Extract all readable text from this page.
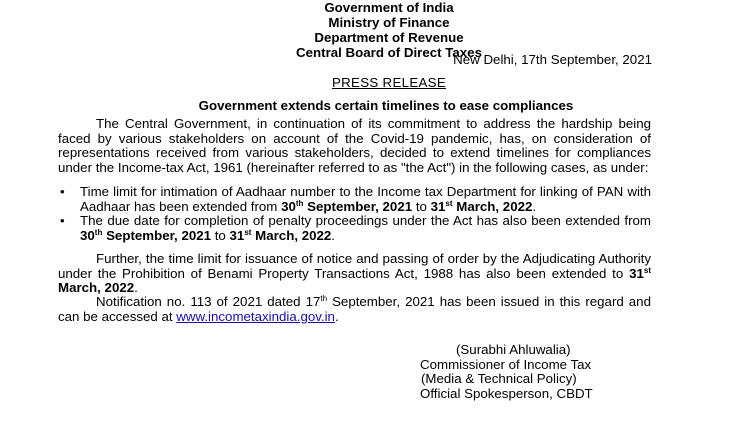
Government of India
Ministry of Finance
Department of Revenue
Central Board of Direct Taxes
New Delhi, 17th September, 2021
PRESS RELEASE
Government extends certain timelines to ease compliances
The Central Government, in continuation of its commitment to address the hardship being faced by various stakeholders on account of the Covid-19 pandemic, has, on consideration of representations received from various stakeholders, decided to extend timelines for compliances under the Income-tax Act, 1961 (hereinafter referred to as "the Act") in the following cases, as under:
• Time limit for intimation of Aadhaar number to the Income tax Department for linking of PAN with Aadhaar has been extended from 30th September, 2021 to 31st March, 2022.
• The due date for completion of penalty proceedings under the Act has also been extended from 30th September, 2021 to 31st March, 2022.
Further, the time limit for issuance of notice and passing of order by the Adjudicating Authority under the Prohibition of Benami Property Transactions Act, 1988 has also been extended to 31st March, 2022.
Notification no. 113 of 2021 dated 17th September, 2021 has been issued in this regard and can be accessed at www.incometaxindia.gov.in.
(Surabhi Ahluwalia)
Commissioner of Income Tax
(Media & Technical Policy)
Official Spokesperson, CBDT
